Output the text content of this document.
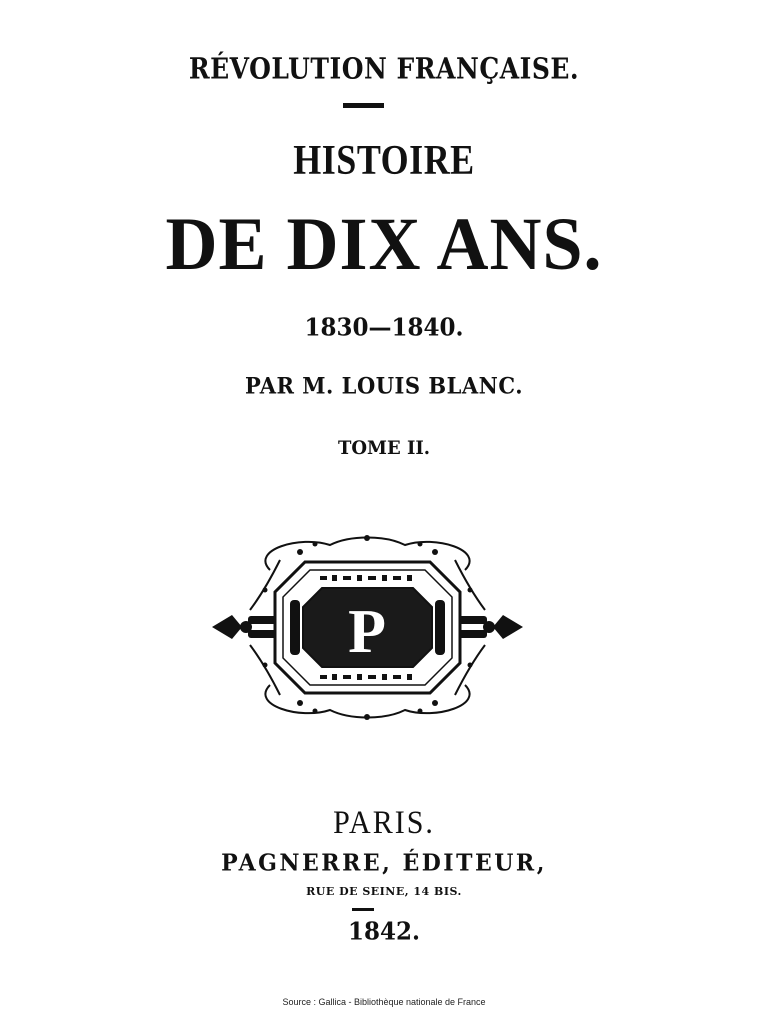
RÉVOLUTION FRANÇAISE.
HISTOIRE
DE DIX ANS.
1830—1840.
PAR M. LOUIS BLANC.
TOME II.
P
PARIS.
PAGNERRE, ÉDITEUR,
RUE DE SEINE, 14 BIS.
1842.
Source : Gallica - Bibliothèque nationale de France
